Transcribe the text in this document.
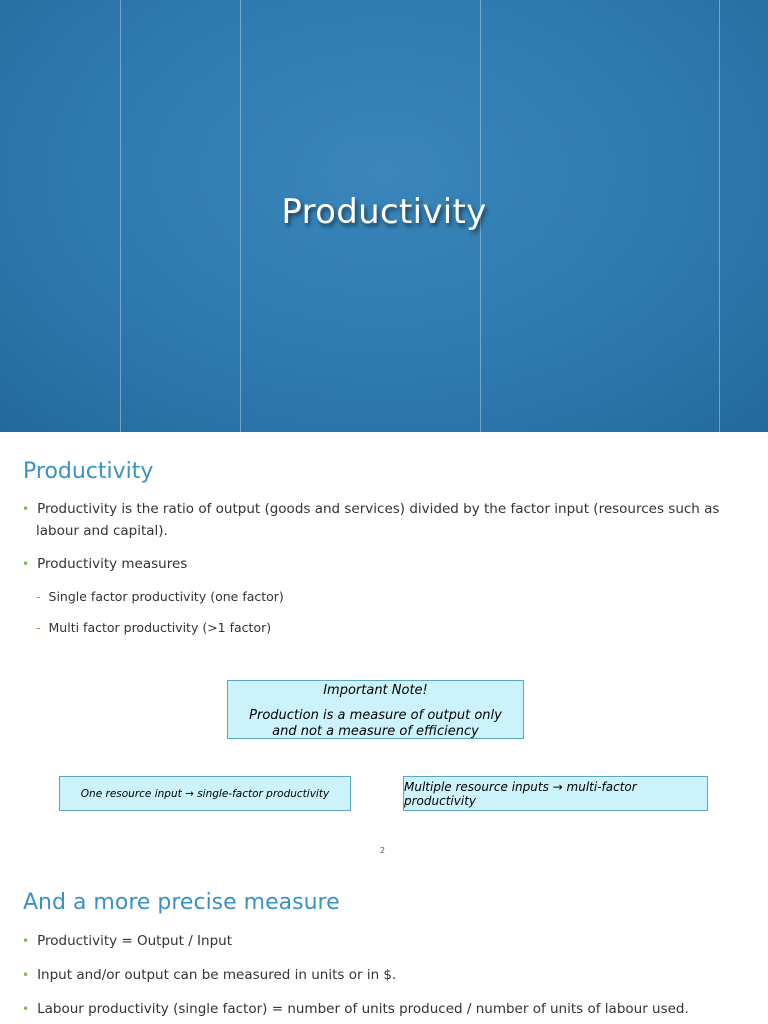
Productivity
Productivity
• Productivity is the ratio of output (goods and services) divided by the factor input (resources such as labour and capital).
• Productivity measures
- Single factor productivity (one factor)
- Multi factor productivity (>1 factor)
Important Note!
Production is a measure of output only and not a measure of efficiency
One resource input → single-factor productivity	Multiple resource inputs → multi-factor productivity
2
And a more precise measure
• Productivity = Output / Input
• Input and/or output can be measured in units or in $.
• Labour productivity (single factor) = number of units produced / number of units of labour used.
